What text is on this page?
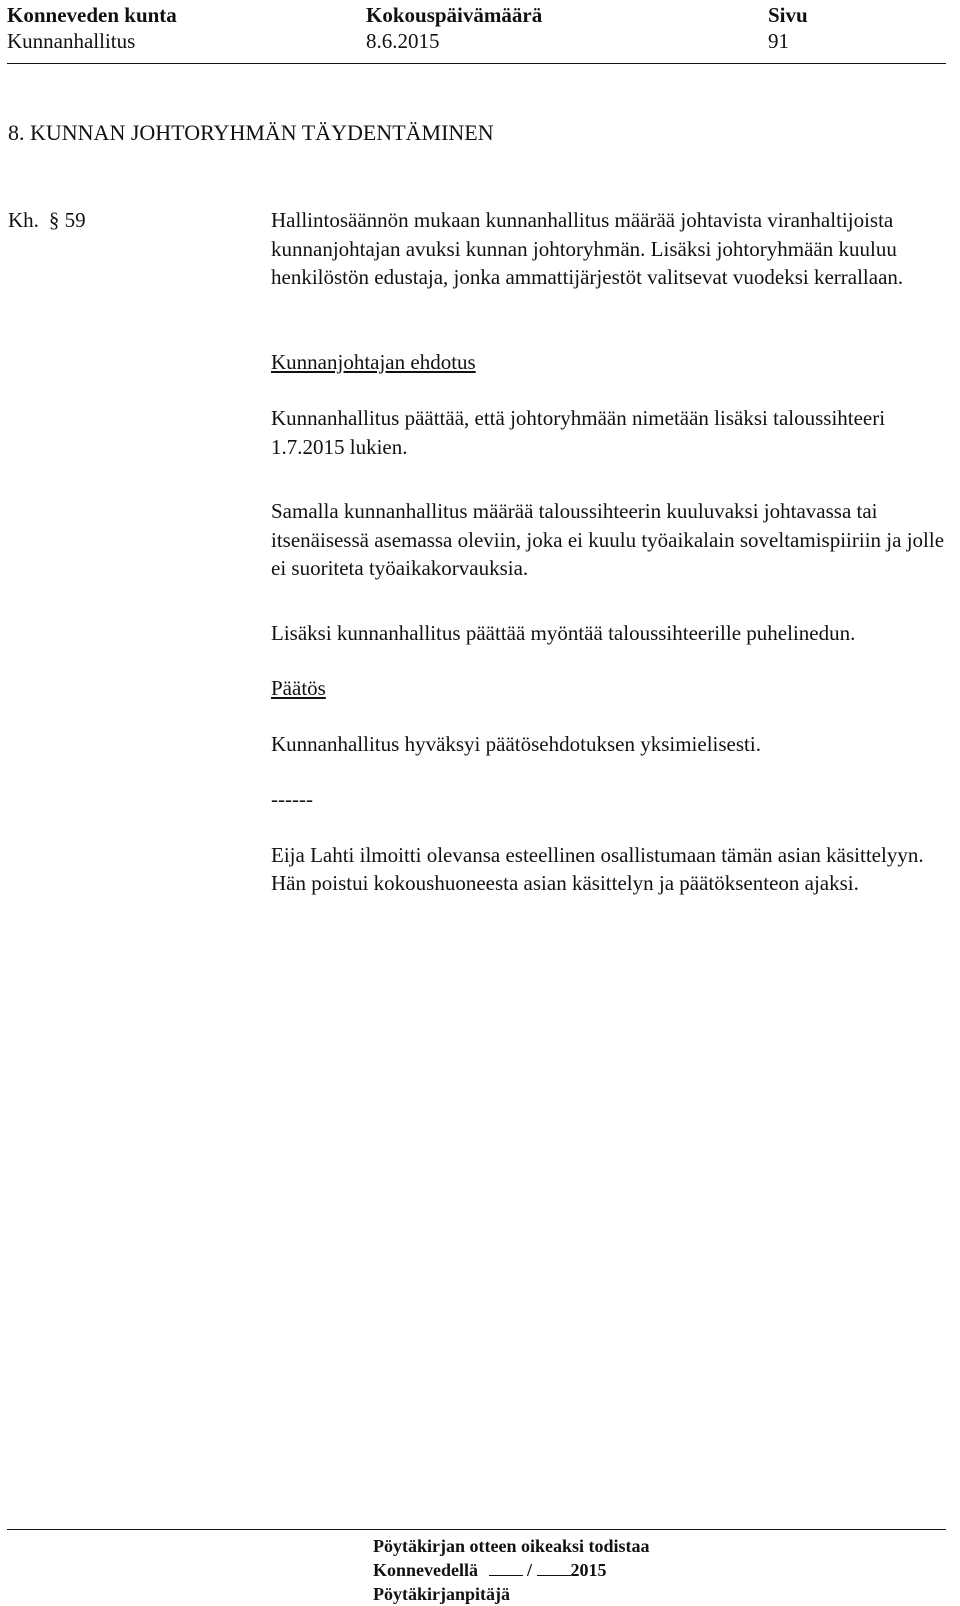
Konneveden kunta
Kunnanhallitus
Kokouspäivämäärä
8.6.2015
Sivu
91
8. KUNNAN JOHTORYHMÄN TÄYDENTÄMINEN
Kh. § 59	Hallintosäännön mukaan kunnanhallitus määrää johtavista viranhaltijoista kunnanjohtajan avuksi kunnan johtoryhmän. Lisäksi johtoryhmään kuuluu henkilöstön edustaja, jonka ammattijärjestöt valitsevat vuodeksi kerrallaan.

Kunnanjohtajan ehdotus

Kunnanhallitus päättää, että johtoryhmään nimetään lisäksi taloussihteeri 1.7.2015 lukien.

Samalla kunnanhallitus määrää taloussihteerin kuuluvaksi johtavassa tai itsenäisessä asemassa oleviin, joka ei kuulu työaikalain soveltamispiiriin ja jolle ei suoriteta työaikakorvauksia.

Lisäksi kunnanhallitus päättää myöntää taloussihteerille puhelinedun.

Päätös

Kunnanhallitus hyväksyi päätösehdotuksen yksimielisesti.

------

Eija Lahti ilmoitti olevansa esteellinen osallistumaan tämän asian käsittelyyn. Hän poistui kokoushuoneesta asian käsittelyn ja päätöksenteon ajaksi.

Pöytäkirjan otteen oikeaksi todistaa
Konnevedellä	/ 2015
Pöytäkirjanpitäjä
